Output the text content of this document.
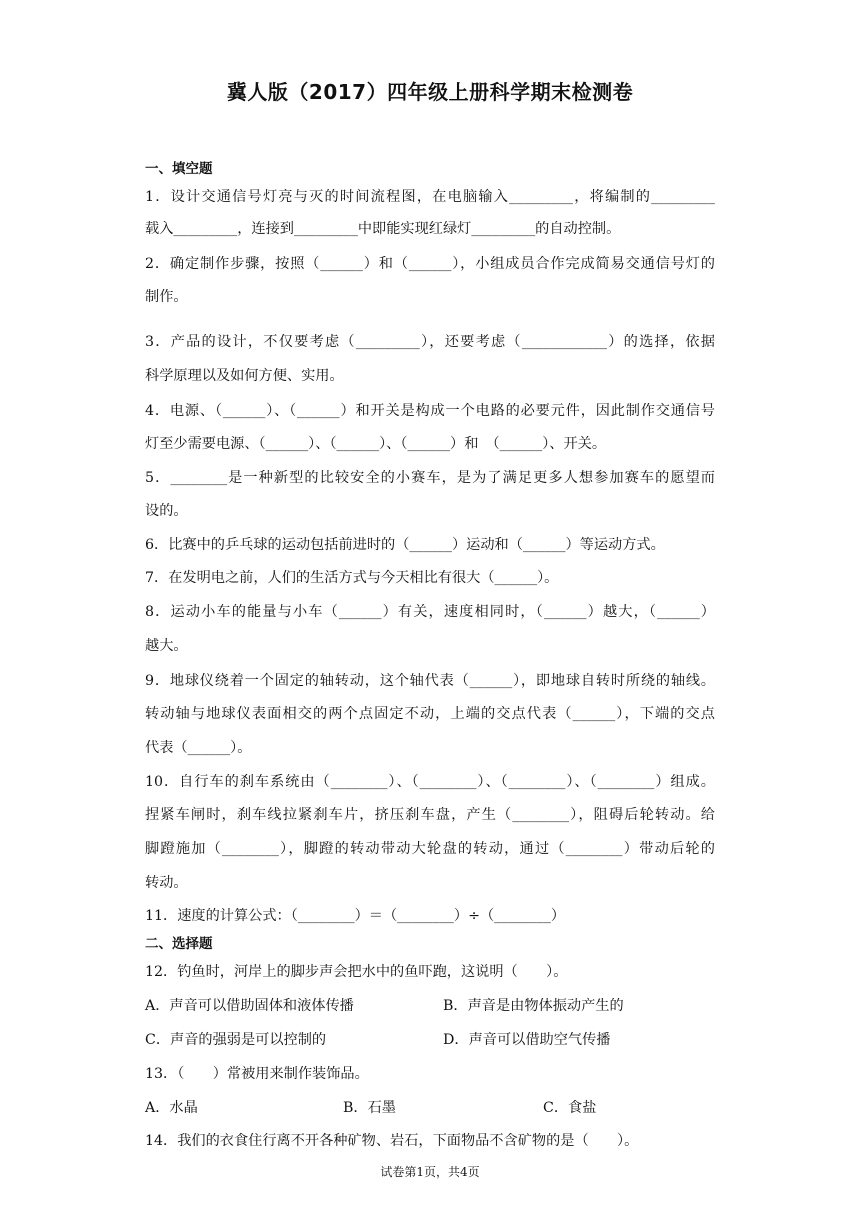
冀人版（2017）四年级上册科学期末检测卷
一、填空题
1．设计交通信号灯亮与灭的时间流程图，在电脑输入_________，将编制的_________
载入_________，连接到_________中即能实现红绿灯_________的自动控制。
2．确定制作步骤，按照（______）和（______），小组成员合作完成简易交通信号灯的
制作。
3．产品的设计，不仅要考虑（_________），还要考虑（____________）的选择，依据
科学原理以及如何方便、实用。
4．电源、（______）、（______）和开关是构成一个电路的必要元件，因此制作交通信号
灯至少需要电源、（______）、（______）、（______）和　（______）、开关。
5．________是一种新型的比较安全的小赛车，是为了满足更多人想参加赛车的愿望而
设的。
6．比赛中的乒乓球的运动包括前进时的（______）运动和（______）等运动方式。
7．在发明电之前，人们的生活方式与今天相比有很大（______）。
8．运动小车的能量与小车（______）有关，速度相同时，（______）越大，（______）
越大。
9．地球仪绕着一个固定的轴转动，这个轴代表（______），即地球自转时所绕的轴线。
转动轴与地球仪表面相交的两个点固定不动，上端的交点代表（______），下端的交点
代表（______）。
10．自行车的刹车系统由（________）、（________）、（________）、（________）组成。
捏紧车闸时，刹车线拉紧刹车片，挤压刹车盘，产生（________），阻碍后轮转动。给
脚蹬施加（________），脚蹬的转动带动大轮盘的转动，通过（________）带动后轮的
转动。
11．速度的计算公式：（________）＝（________）÷（________）
二、选择题
12．钓鱼时，河岸上的脚步声会把水中的鱼吓跑，这说明（　　）。
A．声音可以借助固体和液体传播	B．声音是由物体振动产生的
C．声音的强弱是可以控制的	D．声音可以借助空气传播
13．（　　）常被用来制作装饰品。
A．水晶	B．石墨	C．食盐
14．我们的衣食住行离不开各种矿物、岩石，下面物品不含矿物的是（　　）。
试卷第1页，共4页
